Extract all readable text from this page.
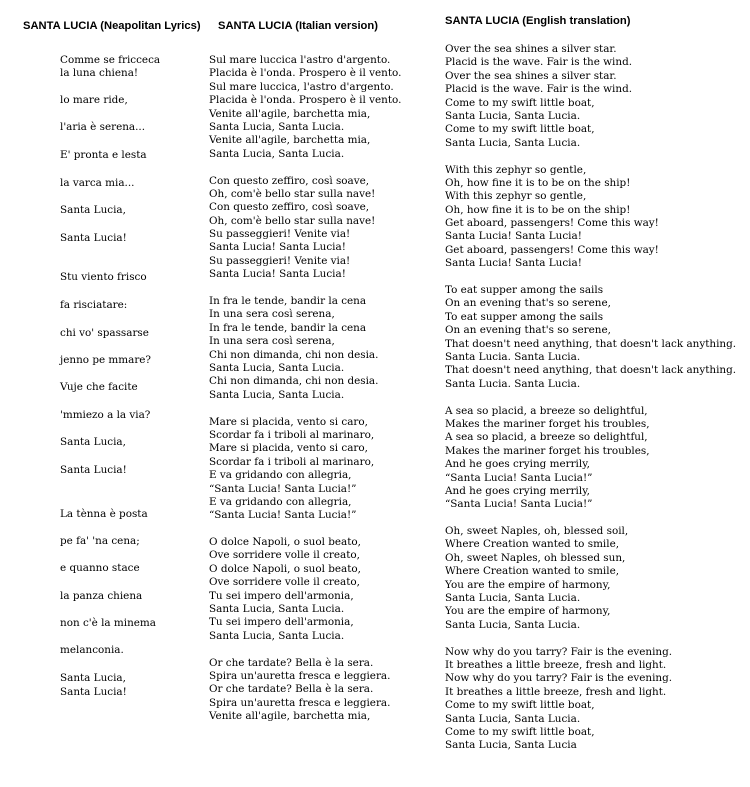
SANTA LUCIA (Neapolitan Lyrics) SANTA LUCIA (Italian version)	SANTA LUCIA (English translation)
Comme se fricceca
la luna chiena!
lo mare ride,
l'aria è serena...
E' pronta e lesta
la varca mia...
Santa Lucia,
Santa Lucia!
Stu viento frisco
fa risciatare:
chi vo' spassarse
jenno pe mmare?
Vuje che facite
'mmiezo a la via?
Santa Lucia,
Santa Lucia!
La tènna è posta
pe fa' 'na cena;
e quanno stace
la panza chiena
non c'è la minema
melanconia.
Santa Lucia,
Santa Lucia!
Sul mare luccica l'astro d'argento.
Placida è l'onda. Prospero è il vento.
Sul mare luccica, l'astro d'argento.
Placida è l'onda. Prospero è il vento.
Venite all'agile, barchetta mia,
Santa Lucia, Santa Lucia.
Venite all'agile, barchetta mia,
Santa Lucia, Santa Lucia.
Con questo zeffiro, così soave,
Oh, com'è bello star sulla nave!
Con questo zeffiro, così soave,
Oh, com'è bello star sulla nave!
Su passeggieri! Venite via!
Santa Lucia! Santa Lucia!
Su passeggieri! Venite via!
Santa Lucia! Santa Lucia!
In fra le tende, bandir la cena
In una sera così serena,
In fra le tende, bandir la cena
In una sera così serena,
Chi non dimanda, chi non desia.
Santa Lucia, Santa Lucia.
Chi non dimanda, chi non desia.
Santa Lucia, Santa Lucia.
Mare si placida, vento si caro,
Scordar fa i triboli al marinaro,
Mare si placida, vento si caro,
Scordar fa i triboli al marinaro,
E va gridando con allegria,
“Santa Lucia! Santa Lucia!”
E va gridando con allegria,
“Santa Lucia! Santa Lucia!”
O dolce Napoli, o suol beato,
Ove sorridere volle il creato,
O dolce Napoli, o suol beato,
Ove sorridere volle il creato,
Tu sei impero dell'armonia,
Santa Lucia, Santa Lucia.
Tu sei impero dell'armonia,
Santa Lucia, Santa Lucia.
Or che tardate? Bella è la sera.
Spira un'auretta fresca e leggiera.
Or che tardate? Bella è la sera.
Spira un'auretta fresca e leggiera.
Venite all'agile, barchetta mia,
Over the sea shines a silver star.
Placid is the wave. Fair is the wind.
Over the sea shines a silver star.
Placid is the wave. Fair is the wind.
Come to my swift little boat,
Santa Lucia, Santa Lucia.
Come to my swift little boat,
Santa Lucia, Santa Lucia.
With this zephyr so gentle,
Oh, how fine it is to be on the ship!
With this zephyr so gentle,
Oh, how fine it is to be on the ship!
Get aboard, passengers! Come this way!
Santa Lucia! Santa Lucia!
Get aboard, passengers! Come this way!
Santa Lucia! Santa Lucia!
To eat supper among the sails
On an evening that's so serene,
To eat supper among the sails
On an evening that's so serene,
That doesn't need anything, that doesn't lack anything.
Santa Lucia. Santa Lucia.
That doesn't need anything, that doesn't lack anything.
Santa Lucia. Santa Lucia.
A sea so placid, a breeze so delightful,
Makes the mariner forget his troubles,
A sea so placid, a breeze so delightful,
Makes the mariner forget his troubles,
And he goes crying merrily,
“Santa Lucia! Santa Lucia!”
And he goes crying merrily,
“Santa Lucia! Santa Lucia!”
Oh, sweet Naples, oh, blessed soil,
Where Creation wanted to smile,
Oh, sweet Naples, oh blessed sun,
Where Creation wanted to smile,
You are the empire of harmony,
Santa Lucia, Santa Lucia.
You are the empire of harmony,
Santa Lucia, Santa Lucia.
Now why do you tarry? Fair is the evening.
It breathes a little breeze, fresh and light.
Now why do you tarry? Fair is the evening.
It breathes a little breeze, fresh and light.
Come to my swift little boat,
Santa Lucia, Santa Lucia.
Come to my swift little boat,
Santa Lucia, Santa Lucia
